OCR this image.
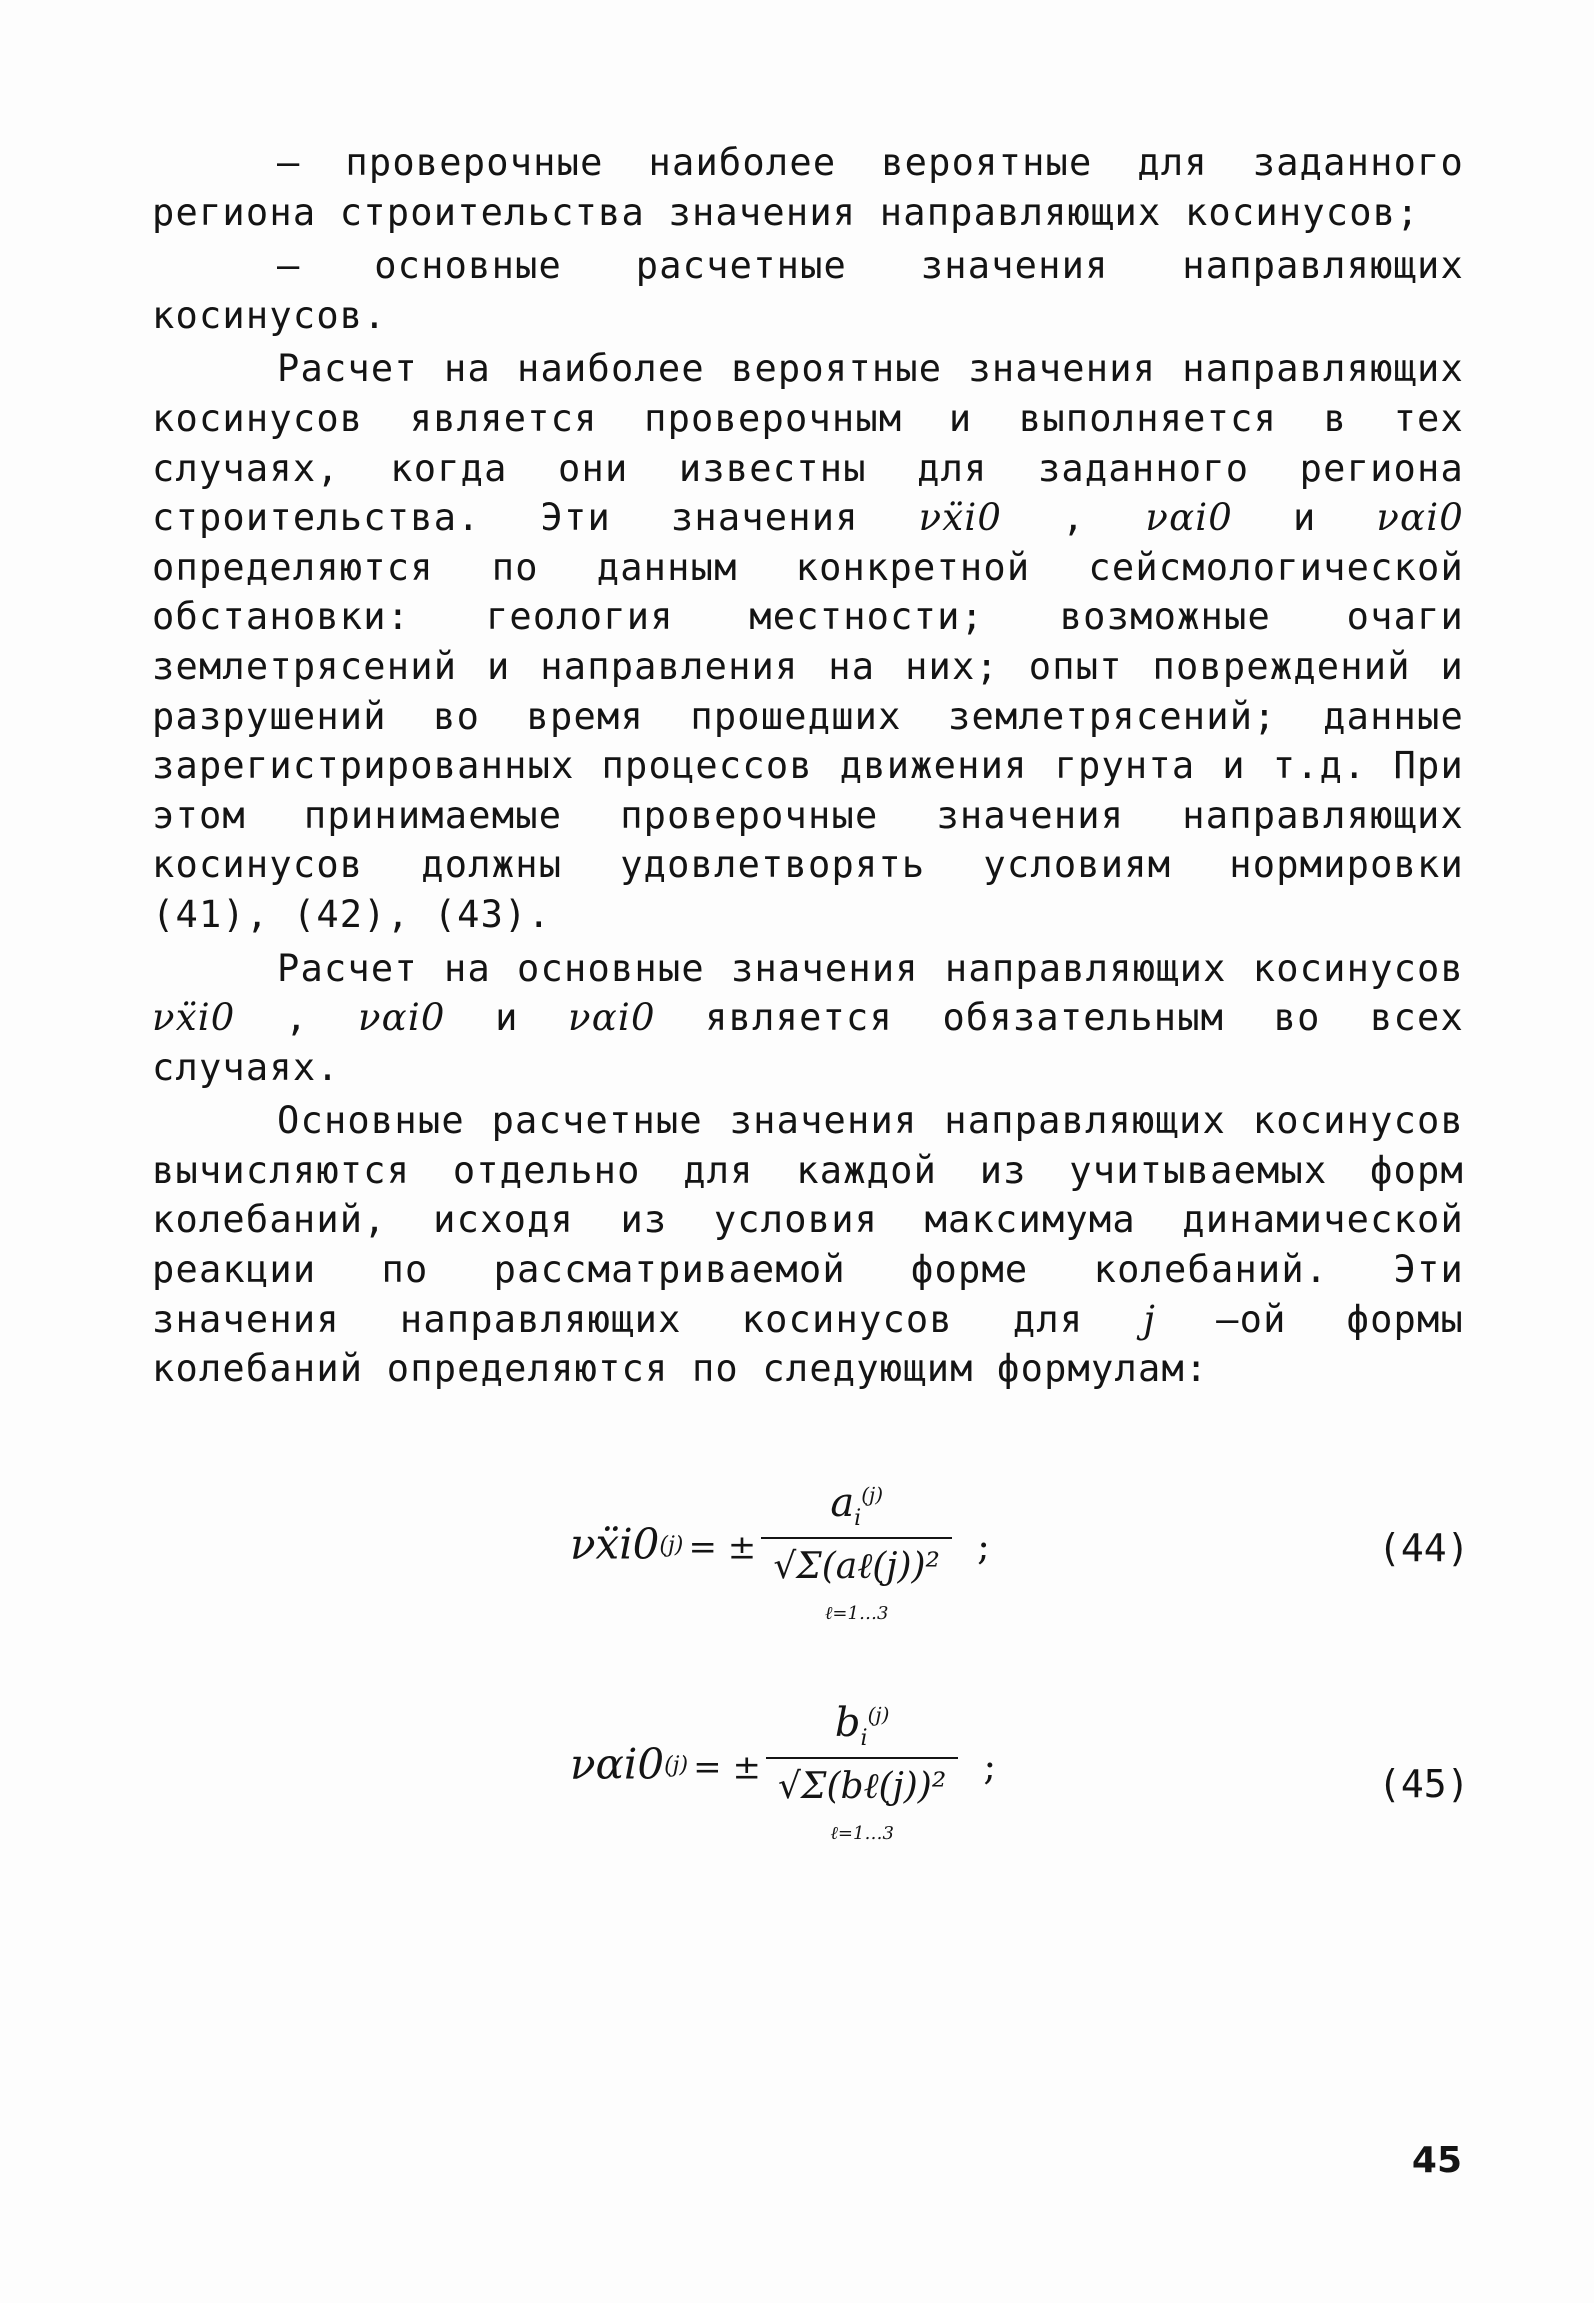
– проверочные наиболее вероятные для заданного региона строительства значения направляющих косинусов;

– основные расчетные значения направляющих косинусов.

Расчет на наиболее вероятные значения направляющих косинусов является проверочным и выполняется в тех случаях, когда они известны для заданного региона строительства. Эти значения νẍi0 , ναi0 и ναi0 определяются по данным конкретной сейсмологической обстановки: геология местности; возможные очаги землетрясений и направления на них; опыт повреждений и разрушений во время прошедших землетрясений; данные зарегистрированных процессов движения грунта и т.д. При этом принимаемые проверочные значения направляющих косинусов должны удовлетворять условиям нормировки (41), (42), (43).

Расчет на основные значения направляющих косинусов νẍi0 , ναi0 и ναi0 является обязательным во всех случаях.

Основные расчетные значения направляющих косинусов вычисляются отдельно для каждой из учитываемых форм колебаний, исходя из условия максимума динамической реакции по рассматриваемой форме колебаний. Эти значения направляющих косинусов для j –ой формы колебаний определяются по следующим формулам:

$\nu ẍi0^{(j)}$ = ±
$a_i^{(j)}$
√Σ(aℓ(j))²
ℓ=1…3
;	(44)
$\nu\alpha i0^{(j)}$ = ±
$b_i^{(j)}$
√Σ(bℓ(j))²
ℓ=1…3
;	(45)
45
